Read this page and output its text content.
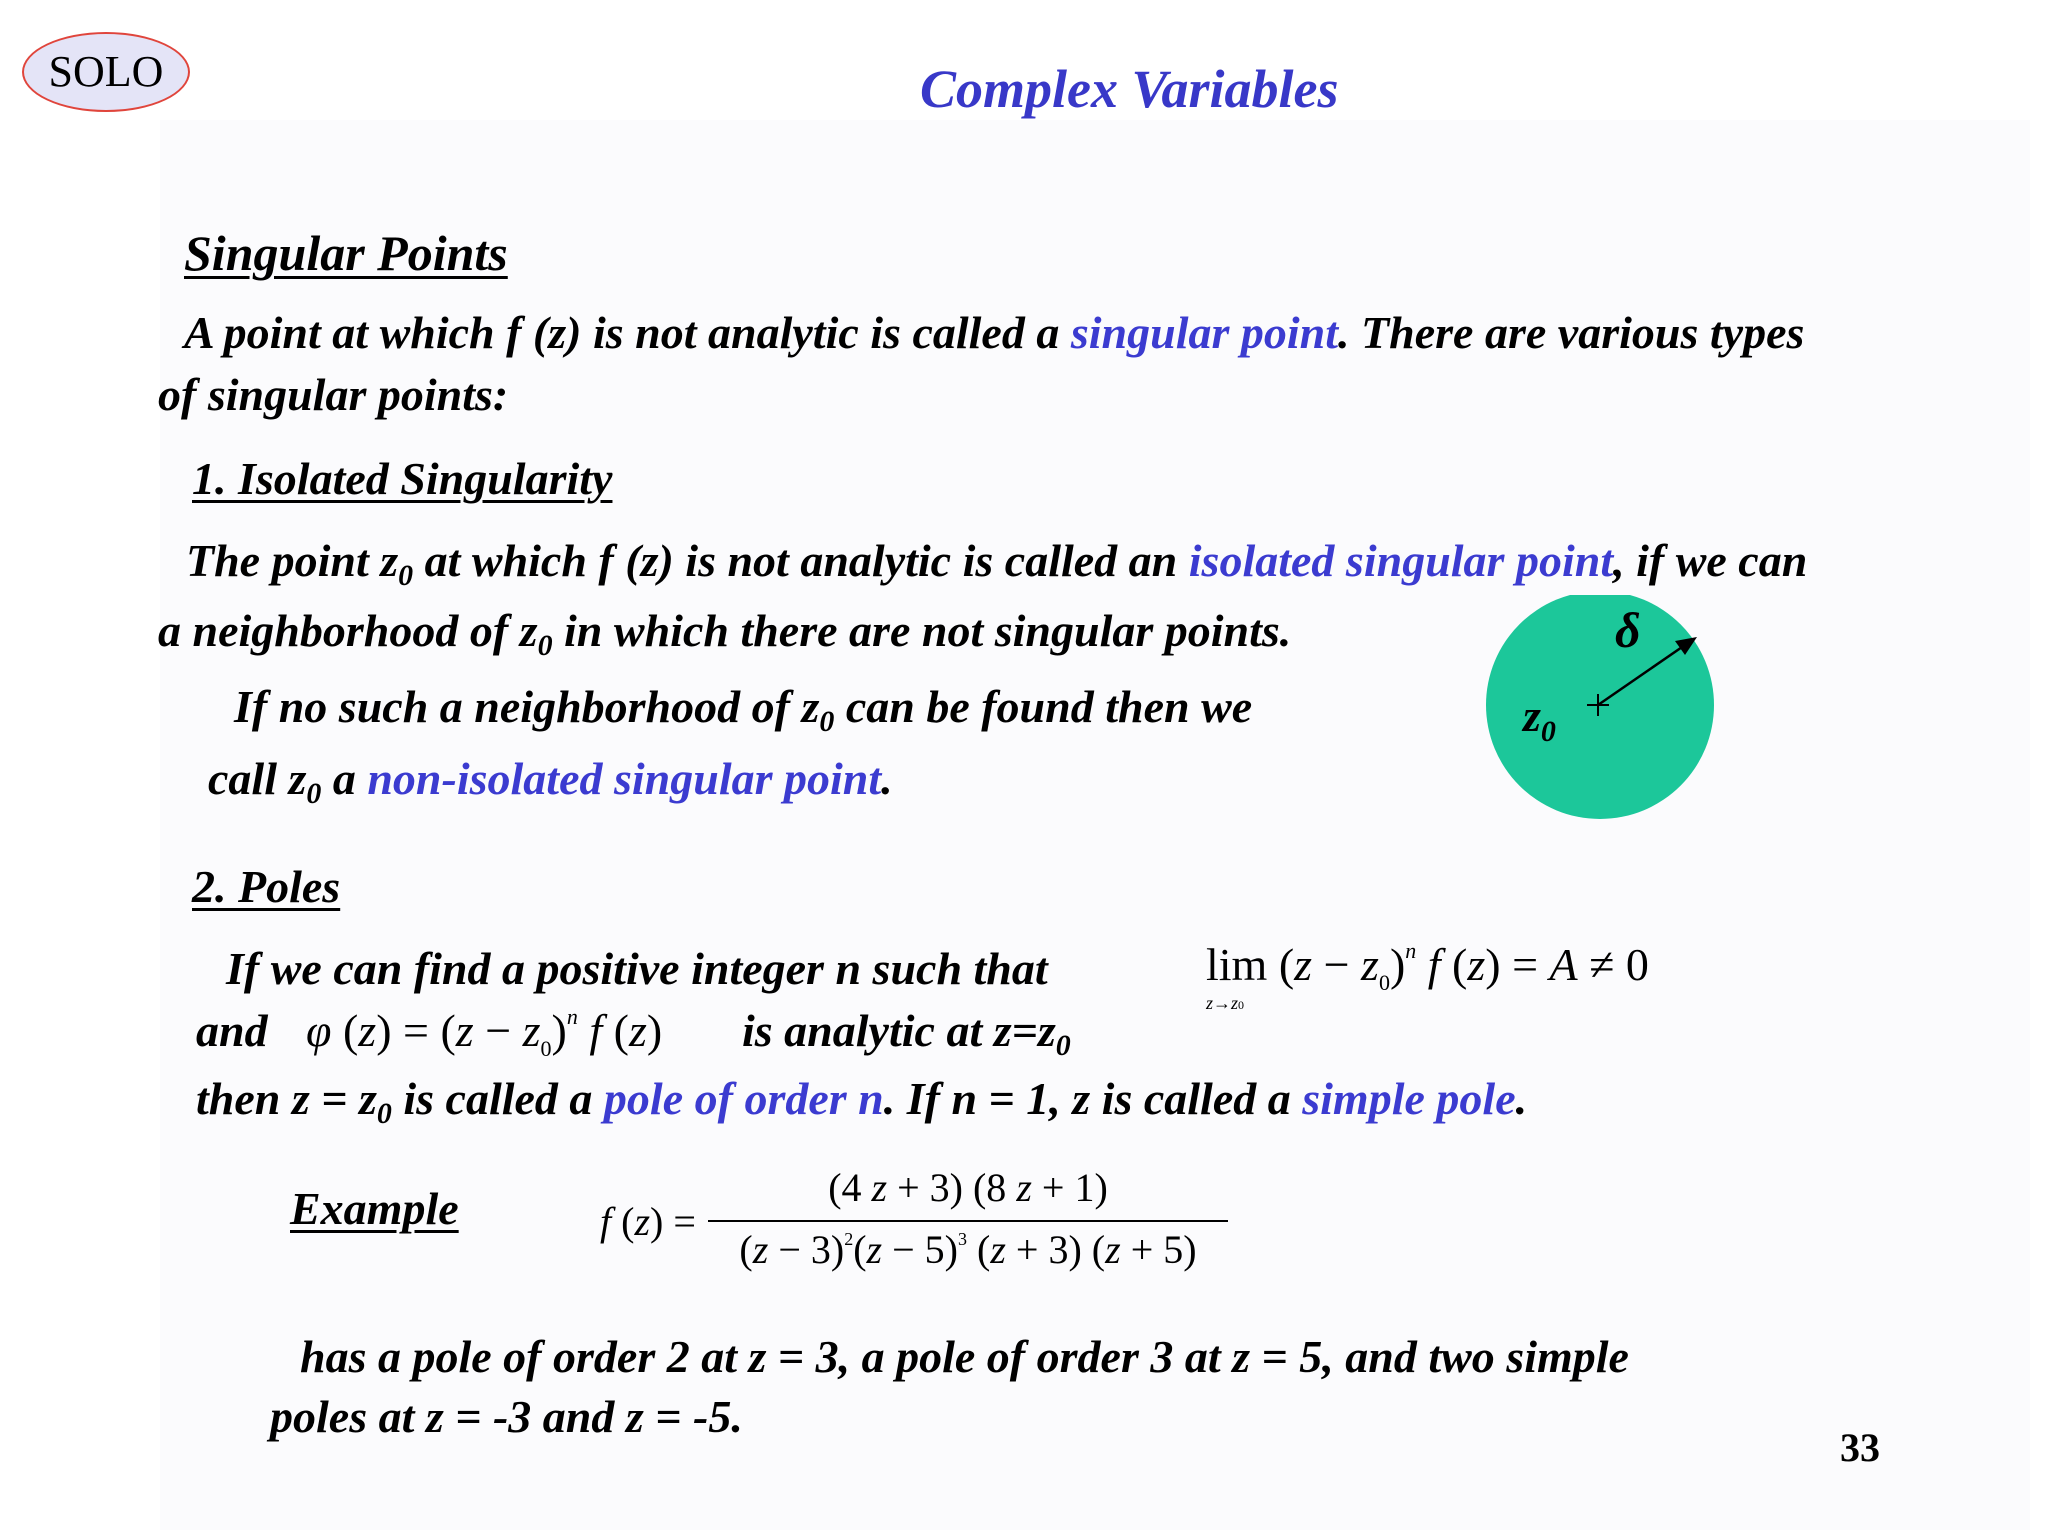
SOLO	Complex Variables
Singular Points
A point at which f (z) is not analytic is called a singular point. There are various types
of singular points:
1. Isolated Singularity
The point $z_0$ at which f (z) is not analytic is called an isolated singular point, if we can
a neighborhood of $z_0$ in which there are not singular points.
If no such a neighborhood of $z_0$ can be found then we
call $z_0$ a non-isolated singular point.
δ
$z_0$
2. Poles
If we can find a positive integer n such that	$\lim (z - z_0)^n$ f (z) = A ≠ 0
z→z0
and φ $(z) = (z - z_0)^n$ f (z) is analytic at $z=z_0$
then $z = z_0$ is called a pole of order n. If n = 1, z is called a simple pole.
Example	f (z) =
(4 z + 3) (8 z + 1)
$(z - 3)^2(z - 5)^3$ (z + 3) (z + 5)
has a pole of order 2 at z = 3, a pole of order 3 at z = 5, and two simple
poles at z = -3 and z = -5.
33
